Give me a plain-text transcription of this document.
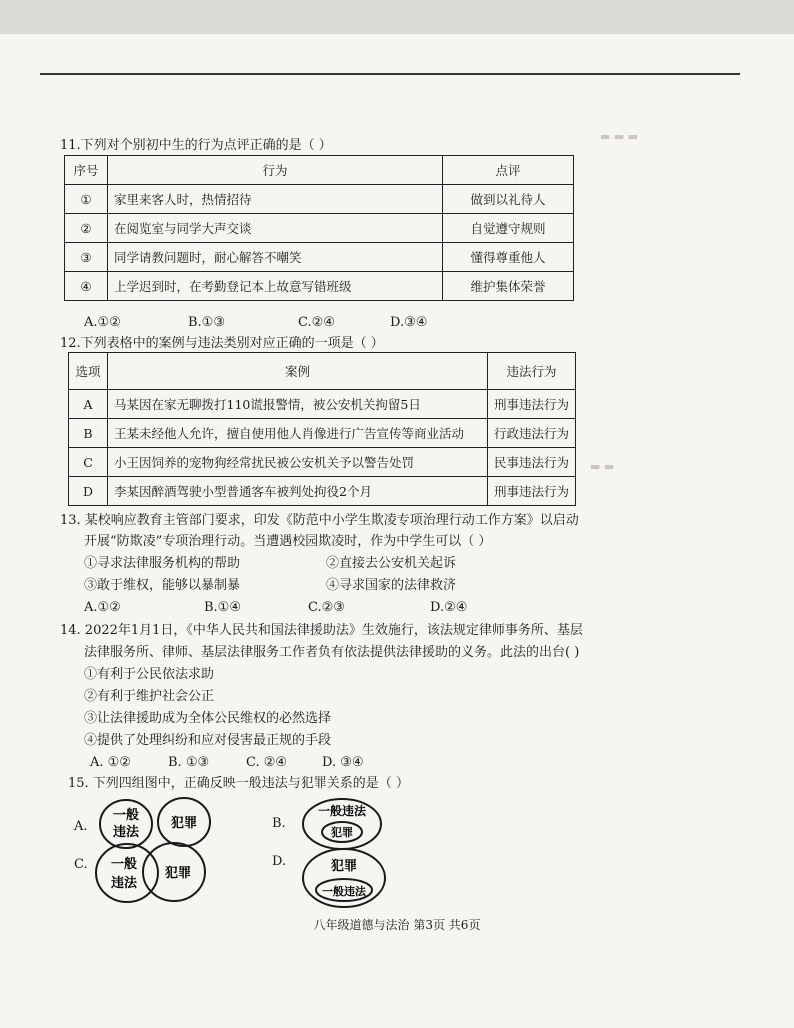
11.下列对个别初中生的行为点评正确的是（ ）
序号	行为	点评
①	家里来客人时，热情招待	做到以礼待人
②	在阅览室与同学大声交谈	自觉遵守规则
③	同学请教问题时，耐心解答不嘲笑	懂得尊重他人
④	上学迟到时，在考勤登记本上故意写错班级	维护集体荣誉
A.①②	B.①③	C.②④	D.③④
12.下列表格中的案例与违法类别对应正确的一项是（ ）
选项	案例	违法行为
A	马某因在家无聊拨打110谎报警情，被公安机关拘留5日	刑事违法行为
B	王某未经他人允许，擅自使用他人肖像进行广告宣传等商业活动	行政违法行为
C	小王因饲养的宠物狗经常扰民被公安机关予以警告处罚	民事违法行为
D	李某因醉酒驾驶小型普通客车被判处拘役2个月	刑事违法行为
13. 某校响应教育主管部门要求，印发《防范中小学生欺凌专项治理行动工作方案》以启动
开展“防欺凌”专项治理行动。当遭遇校园欺凌时，作为中学生可以（ ）
①寻求法律服务机构的帮助	②直接去公安机关起诉
③敢于维权，能够以暴制暴	④寻求国家的法律救济
A.①②	B.①④	C.②③	D.②④
14. 2022年1月1日，《中华人民共和国法律援助法》生效施行，该法规定律师事务所、基层
法律服务所、律师、基层法律服务工作者负有依法提供法律援助的义务。此法的出台( )
①有利于公民依法求助
②有利于维护社会公正
③让法律援助成为全体公民维权的必然选择
④提供了处理纠纷和应对侵害最正规的手段
A. ①②	B. ①③	C. ②④	D. ③④
15. 下列四组图中，正确反映一般违法与犯罪关系的是（ ）
A.
一般
违法
犯罪	B.
一般违法
犯罪
C. 一般
违法
犯罪
D.	犯罪
一般违法
▬ ▬ ▬
▬ ▬
八年级道德与法治 第3页 共6页
